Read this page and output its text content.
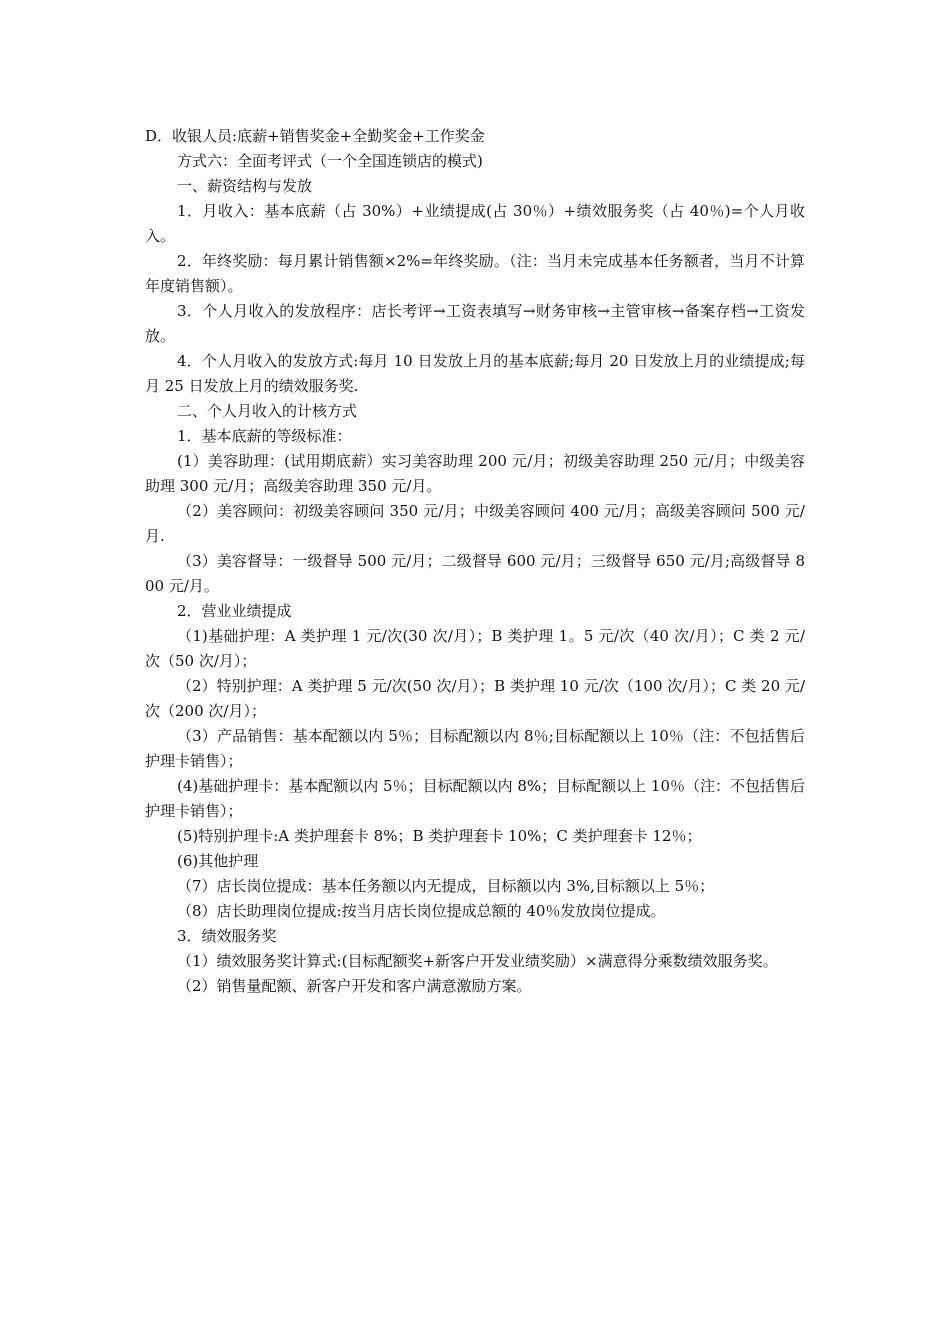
D．收银人员:底薪+销售奖金+全勤奖金+工作奖金

方式六：全面考评式（一个全国连锁店的模式)

一、薪资结构与发放

1．月收入：基本底薪（占 30%）+业绩提成(占 30％）+绩效服务奖（占 40％)=个人月收入。

2．年终奖励：每月累计销售额×2%=年终奖励。（注：当月未完成基本任务额者，当月不计算年度销售额）。

3．个人月收入的发放程序：店长考评→工资表填写→财务审核→主管审核→备案存档→工资发放。

4．个人月收入的发放方式:每月 10 日发放上月的基本底薪;每月 20 日发放上月的业绩提成;每月 25 日发放上月的绩效服务奖.

二、个人月收入的计核方式

1．基本底薪的等级标准：

(1）美容助理：(试用期底薪）实习美容助理 200 元/月；初级美容助理 250 元/月；中级美容助理 300 元/月；高级美容助理 350 元/月。

（2）美容顾问：初级美容顾问 350 元/月；中级美容顾问 400 元/月；高级美容顾问 500 元/月.

（3）美容督导：一级督导 500 元/月；二级督导 600 元/月；三级督导 650 元/月;高级督导 800 元/月。

2．营业业绩提成

（1)基础护理：A 类护理 1 元/次(30 次/月）；B 类护理 1。5 元/次（40 次/月）；C 类 2 元/次（50 次/月）；

（2）特别护理：A 类护理 5 元/次(50 次/月）；B 类护理 10 元/次（100 次/月）；C 类 20 元/次（200 次/月）；

（3）产品销售：基本配额以内 5％；目标配额以内 8％;目标配额以上 10％（注：不包括售后护理卡销售）；

(4)基础护理卡：基本配额以内 5％；目标配额以内 8%；目标配额以上 10％（注：不包括售后护理卡销售）；

(5)特别护理卡:A 类护理套卡 8%；B 类护理套卡 10%；C 类护理套卡 12％；

(6)其他护理

（7）店长岗位提成：基本任务额以内无提成，目标额以内 3%,目标额以上 5％；

（8）店长助理岗位提成:按当月店长岗位提成总额的 40％发放岗位提成。

3．绩效服务奖

（1）绩效服务奖计算式:(目标配额奖+新客户开发业绩奖励）×满意得分乘数绩效服务奖。

（2）销售量配额、新客户开发和客户满意激励方案。
